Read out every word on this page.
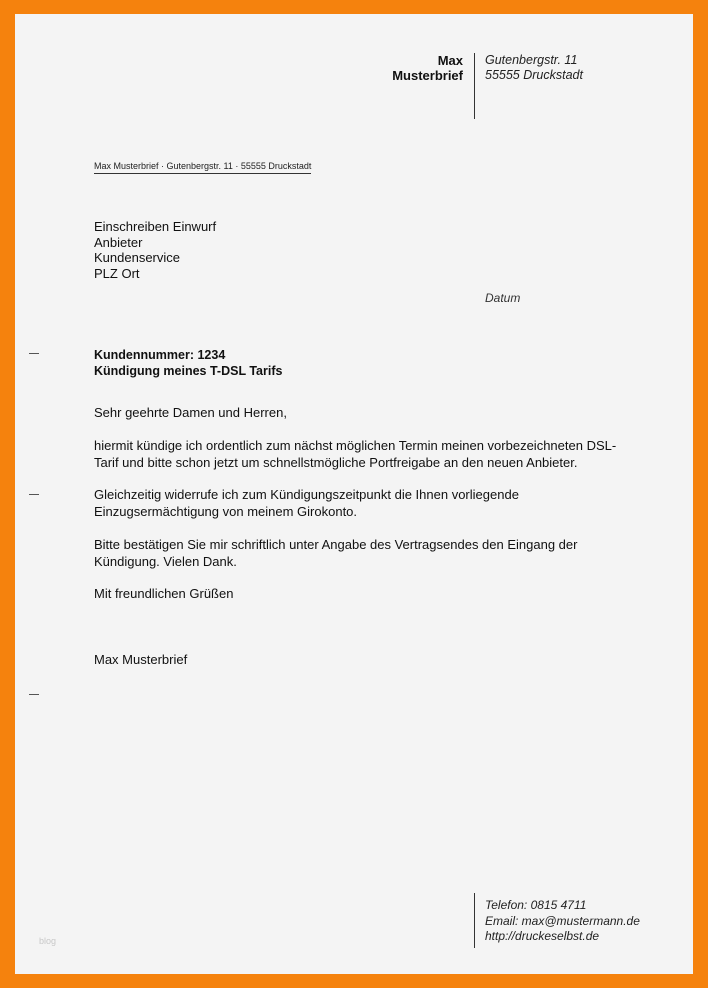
Max
Musterbrief
Gutenbergstr. 11
55555 Druckstadt
Max Musterbrief · Gutenbergstr. 11 · 55555 Druckstadt
Einschreiben Einwurf
Anbieter
Kundenservice
PLZ Ort
Datum
Kundennummer: 1234
Kündigung meines T-DSL Tarifs
Sehr geehrte Damen und Herren,
hiermit kündige ich ordentlich zum nächst möglichen Termin meinen vorbezeichneten DSL-Tarif und bitte schon jetzt um schnellstmögliche Portfreigabe an den neuen Anbieter.
Gleichzeitig widerrufe ich zum Kündigungszeitpunkt die Ihnen vorliegende Einzugsermächtigung von meinem Girokonto.
Bitte bestätigen Sie mir schriftlich unter Angabe des Vertragsendes den Eingang der Kündigung. Vielen Dank.
Mit freundlichen Grüßen
Max Musterbrief
Telefon: 0815 4711
Email: max@mustermann.de
http://druckeselbst.de
blog
